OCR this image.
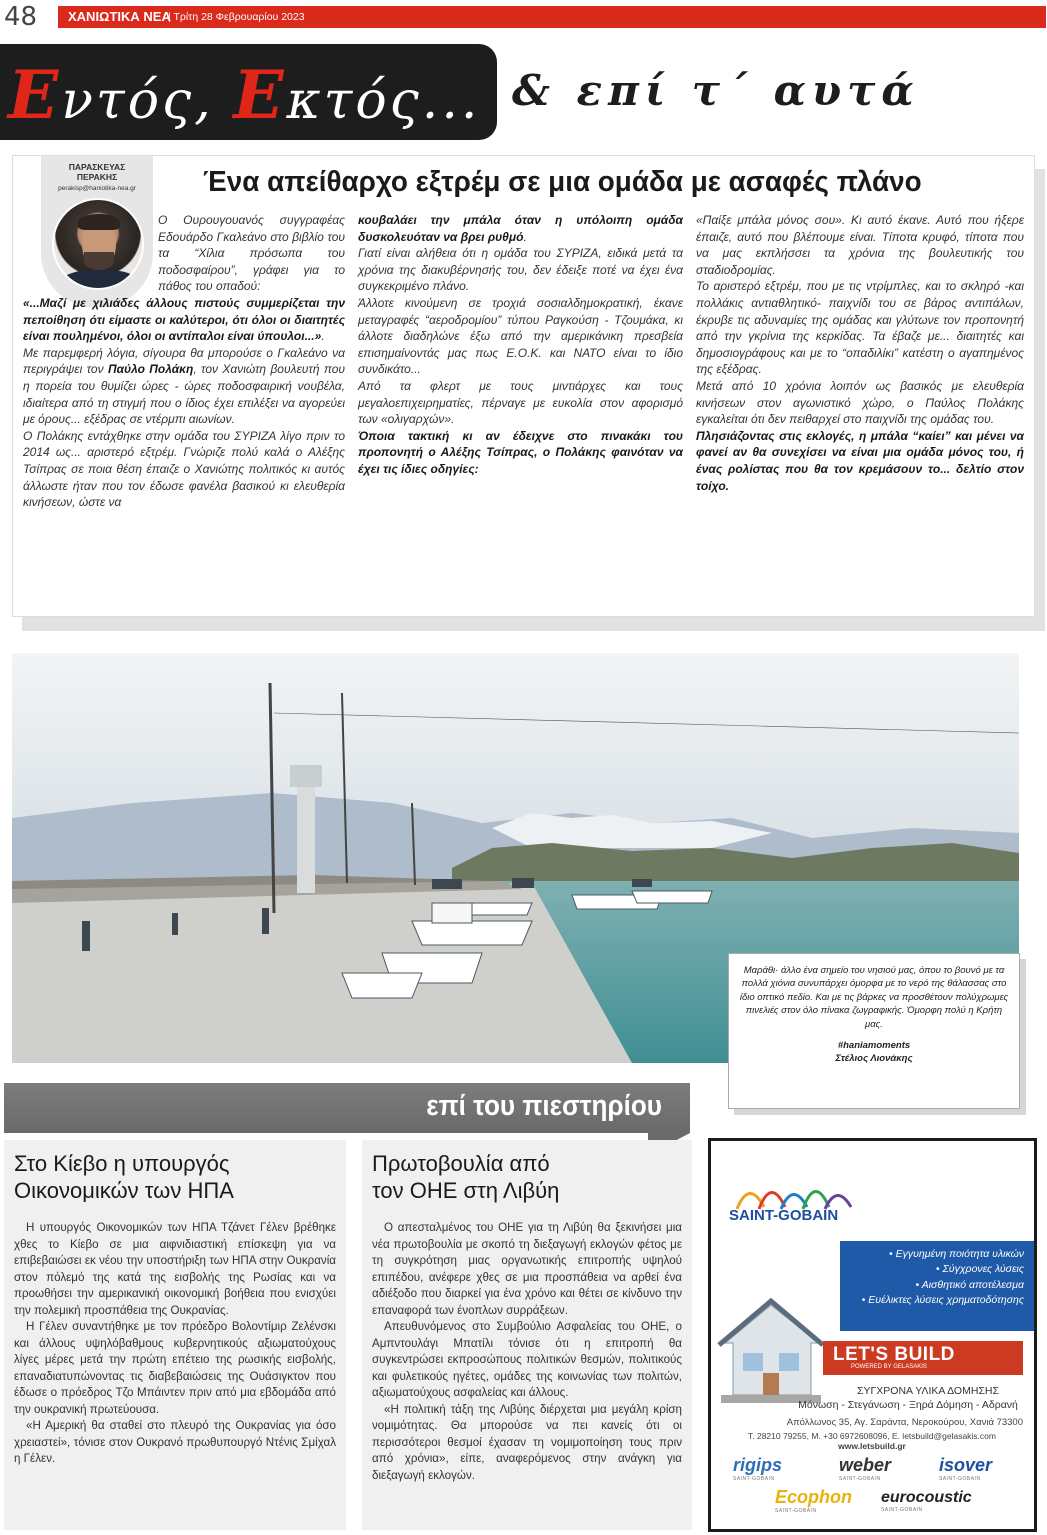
48 ΧΑΝΙΩΤΙΚΑ ΝΕΑ
| Τρίτη 28 Φεβρουαρίου 2023
Εντός, Εκτός... & επί τ΄ αυτά
ΠΑΡΑΣΚΕΥΑΣ
ΠΕΡΑΚΗΣ
perakisp@haniotika-nea.gr	Ένα απείθαρχο εξτρέμ σε μια ομάδα με ασαφές πλάνο

Ο Ουρουγουανός συγγραφέας Εδουάρδο Γκαλεάνο στο βιβλίο του τα “Χίλια πρόσωπα του ποδοσφαίρου”, γράφει για το πάθος του οπαδού:

«...Μαζί με χιλιάδες άλλους πιστούς συμμερίζεται την πεποίθηση ότι είμαστε οι καλύτεροι, ότι όλοι οι διαιτητές είναι πουλημένοι, όλοι οι αντίπαλοι είναι ύπουλοι...».

Με παρεμφερή λόγια, σίγουρα θα μπορούσε ο Γκαλεάνο να περιγράψει τον Παύλο Πολάκη, τον Χανιώτη βουλευτή που η πορεία του θυμίζει ώρες - ώρες ποδοσφαιρική νουβέλα, ιδιαίτερα από τη στιγμή που ο ίδιος έχει επιλέξει να αγορεύει με όρους... εξέδρας σε ντέρμπι αιωνίων.

Ο Πολάκης εντάχθηκε στην ομάδα του ΣΥΡΙΖΑ λίγο πριν το 2014 ως... αριστερό εξτρέμ. Γνώριζε πολύ καλά ο Αλέξης Τσίπρας σε ποια θέση έπαιζε ο Χανιώτης πολιτικός κι αυτός άλλωστε ήταν που τον έδωσε φανέλα βασικού κι ελευθερία κινήσεων, ώστε να

κουβαλάει την μπάλα όταν η υπόλοιπη ομάδα δυσκολευόταν να βρει ρυθμό.

Γιατί είναι αλήθεια ότι η ομάδα του ΣΥΡΙΖΑ, ειδικά μετά τα χρόνια της διακυβέρνησής του, δεν έδειξε ποτέ να έχει ένα συγκεκριμένο πλάνο.

Άλλοτε κινούμενη σε τροχιά σοσιαλδημοκρατική, έκανε μεταγραφές “αεροδρομίου” τύπου Ραγκούση - Τζουμάκα, κι άλλοτε διαδηλώνε έξω από την αμερικάνικη πρεσβεία επισημαίνοντάς μας πως Ε.Ο.Κ. και ΝΑΤΟ είναι το ίδιο συνδικάτο...

Από τα φλερτ με τους μιντιάρχες και τους μεγαλοεπιχειρηματίες, πέρναγε με ευκολία στον αφορισμό των «ολιγαρχών».

Όποια τακτική κι αν έδειχνε στο πινακάκι του προπονητή ο Αλέξης Τσίπρας, ο Πολάκης φαινόταν να έχει τις ίδιες οδηγίες:

«Παίξε μπάλα μόνος σου». Κι αυτό έκανε. Αυτό που ήξερε έπαιζε, αυτό που βλέπουμε είναι. Τίποτα κρυφό, τίποτα που να μας εκπλήσσει τα χρόνια της βουλευτικής του σταδιοδρομίας.

Το αριστερό εξτρέμ, που με τις ντρίμπλες, και το σκληρό -και πολλάκις αντιαθλητικό- παιχνίδι του σε βάρος αντιπάλων, έκρυβε τις αδυναμίες της ομάδας και γλύτωνε τον προπονητή από την γκρίνια της κερκίδας. Τα έβαζε με... διαιτητές και δημοσιογράφους και με το “οπαδιλίκι” κατέστη ο αγαπημένος της εξέδρας.

Μετά από 10 χρόνια λοιπόν ως βασικός με ελευθερία κινήσεων στον αγωνιστικό χώρο, ο Παύλος Πολάκης εγκαλείται ότι δεν πειθαρχεί στο παιχνίδι της ομάδας του.

Πλησιάζοντας στις εκλογές, η μπάλα “καίει” και μένει να φανεί αν θα συνεχίσει να είναι μια ομάδα μόνος του, ή ένας ρολίστας που θα τον κρεμάσουν το... δελτίο στον τοίχο.

Μαράθι· άλλο ένα σημείο του νησιού μας, όπου το βουνό με τα πολλά χιόνια συνυπάρχει όμορφα με το νερό της θάλασσας στο ίδιο οπτικό πεδίο. Και με τις βάρκες να προσθέτουν πολύχρωμες πινελιές στον όλο πίνακα ζωγραφικής. Όμορφη πολύ η Κρήτη μας.
#haniamoments
Στέλιος Λιονάκης
επί του πιεστηρίου
Στο Κίεβο η υπουργός
Οικονομικών των ΗΠΑ

Η υπουργός Οικονομικών των ΗΠΑ Τζάνετ Γέλεν βρέθηκε χθες το Κίεβο σε μια αιφνιδιαστική επίσκεψη για να επιβεβαιώσει εκ νέου την υποστήριξη των ΗΠΑ στην Ουκρανία στον πόλεμό της κατά της εισβολής της Ρωσίας και να προωθήσει την αμερικανική οικονομική βοήθεια που ενισχύει την πολεμική προσπάθεια της Ουκρανίας.

Η Γέλεν συναντήθηκε με τον πρόεδρο Βολοντίμιρ Ζελένσκι και άλλους υψηλόβαθμους κυβερνητικούς αξιωματούχους λίγες μέρες μετά την πρώτη επέτειο της ρωσικής εισβολής, επαναδιατυπώνοντας τις διαβεβαιώσεις της Ουάσιγκτον που έδωσε ο πρόεδρος Τζο Μπάιντεν πριν από μια εβδομάδα από την ουκρανική πρωτεύουσα.

«Η Αμερική θα σταθεί στο πλευρό της Ουκρανίας για όσο χρειαστεί», τόνισε στον Ουκρανό πρωθυπουργό Ντένις Σμίχαλ η Γέλεν.

Πρωτοβουλία από
τον ΟΗΕ στη Λιβύη

Ο απεσταλμένος του ΟΗΕ για τη Λιβύη θα ξεκινήσει μια νέα πρωτοβουλία με σκοπό τη διεξαγωγή εκλογών φέτος με τη συγκρότηση μιας οργανωτικής επιτροπής υψηλού επιπέδου, ανέφερε χθες σε μια προσπάθεια να αρθεί ένα αδιέξοδο που διαρκεί για ένα χρόνο και θέτει σε κίνδυνο την επαναφορά των ένοπλων συρράξεων.

Απευθυνόμενος στο Συμβούλιο Ασφαλείας του ΟΗΕ, ο Αμπντουλάγι Μπατίλι τόνισε ότι η επιτροπή θα συγκεντρώσει εκπροσώπους πολιτικών θεσμών, πολιτικούς και φυλετικούς ηγέτες, ομάδες της κοινωνίας των πολιτών, αξιωματούχους ασφαλείας και άλλους.

«Η πολιτική τάξη της Λιβύης διέρχεται μια μεγάλη κρίση νομιμότητας. Θα μπορούσε να πει κανείς ότι οι περισσότεροι θεσμοί έχασαν τη νομιμοποίηση τους πριν από χρόνια», είπε, αναφερόμενος στην ανάγκη για διεξαγωγή εκλογών.

SAINT-GOBAIN
• Εγγυημένη ποιότητα υλικών
• Σύγχρονες λύσεις
• Αισθητικό αποτέλεσμα
• Ευέλικτες λύσεις χρηματοδότησης
LET'S BUILD
POWERED BY GELASAKIS
ΣΥΓΧΡΟΝΑ ΥΛΙΚΑ ΔΟΜΗΣΗΣ
Μόνωση - Στεγάνωση - Ξηρά Δόμηση - Αδρανή
Απόλλωνος 35, Αγ. Σαράντα, Νεροκούρου, Χανιά 73300
Τ. 28210 79255, Μ. +30 6972608096, E. letsbuild@gelasakis.com www.letsbuild.gr
rigips
SAINT-GOBAIN
weber
SAINT-GOBAIN
isover
SAINT-GOBAIN
Ecophon
SAINT-GOBAIN
eurocoustic
SAINT-GOBAIN
